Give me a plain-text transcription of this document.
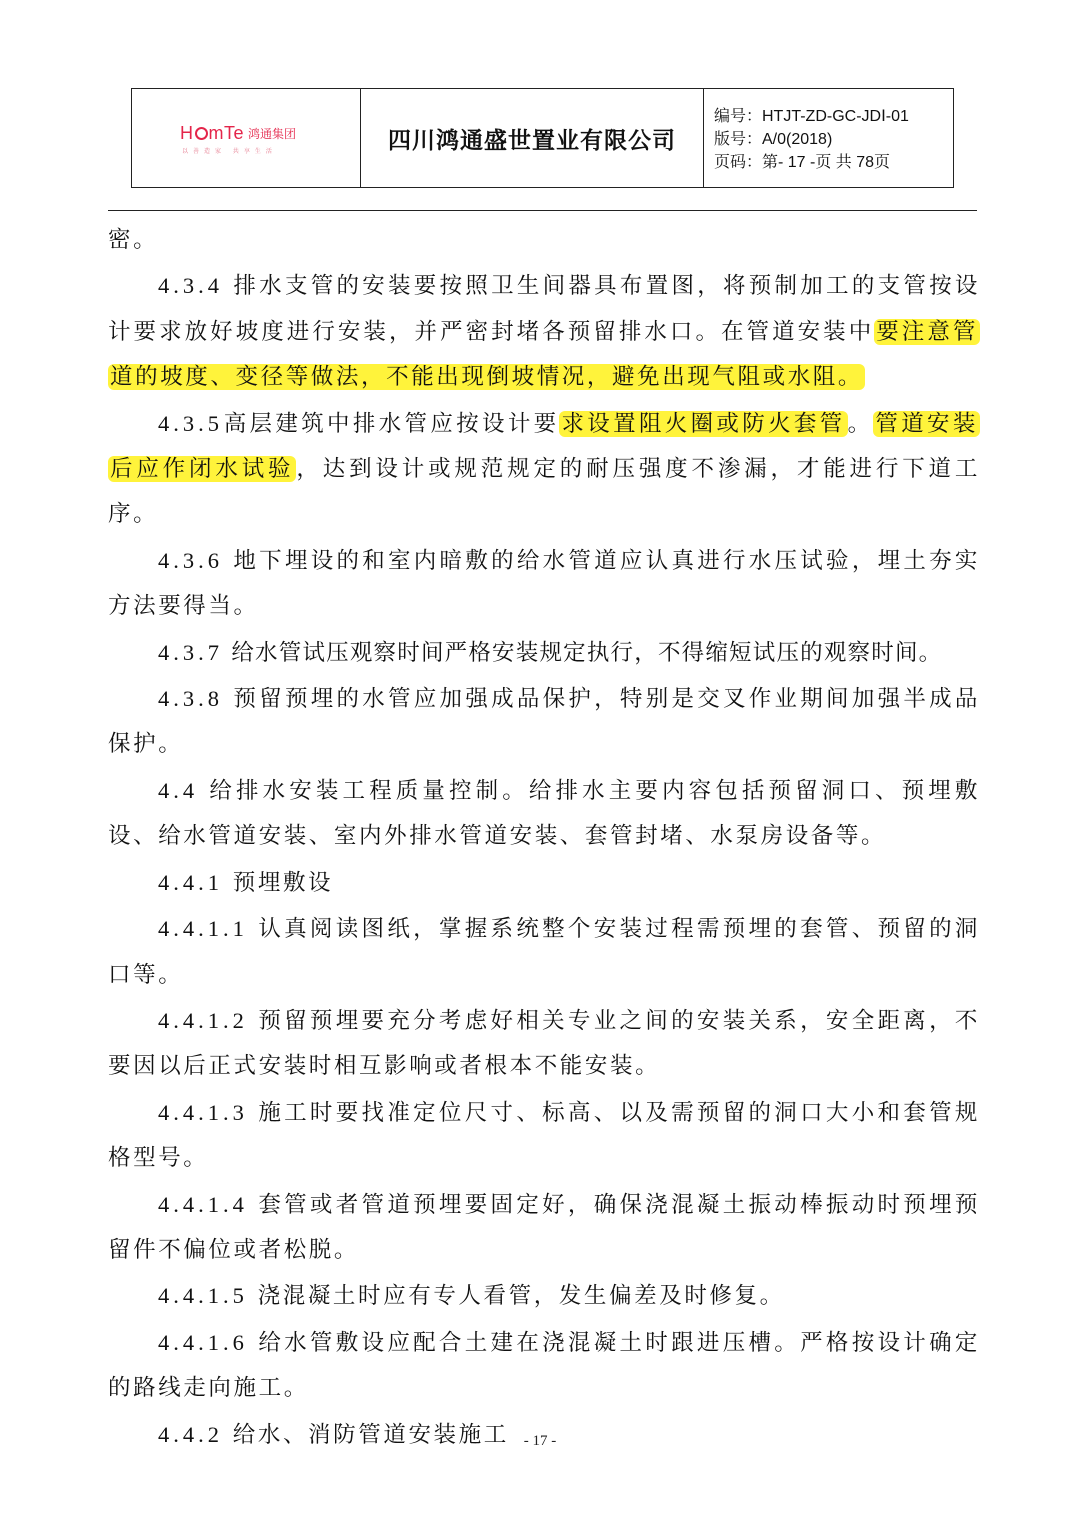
H mTe 鸿通集团
以善造家 共享生活	四川鸿通盛世置业有限公司
编号：HTJT-ZD-GC-JDⅠ-01
版号：A/0(2018)
页码：第- 17 -页 共 78页

密。

4.3.4 排水支管的安装要按照卫生间器具布置图，将预制加工的支管按设计要求放好坡度进行安装，并严密封堵各预留排水口。在管道安装中要注意管道的坡度、变径等做法，不能出现倒坡情况，避免出现气阻或水阻。

4.3.5高层建筑中排水管应按设计要求设置阻火圈或防火套管。管道安装后应作闭水试验，达到设计或规范规定的耐压强度不渗漏，才能进行下道工序。

4.3.6 地下埋设的和室内暗敷的给水管道应认真进行水压试验，埋土夯实方法要得当。

4.3.7 给水管试压观察时间严格安装规定执行，不得缩短试压的观察时间。

4.3.8 预留预埋的水管应加强成品保护，特别是交叉作业期间加强半成品保护。

4.4 给排水安装工程质量控制。给排水主要内容包括预留洞口、预埋敷设、给水管道安装、室内外排水管道安装、套管封堵、水泵房设备等。

4.4.1 预埋敷设

4.4.1.1 认真阅读图纸，掌握系统整个安装过程需预埋的套管、预留的洞口等。

4.4.1.2 预留预埋要充分考虑好相关专业之间的安装关系，安全距离，不要因以后正式安装时相互影响或者根本不能安装。

4.4.1.3 施工时要找准定位尺寸、标高、以及需预留的洞口大小和套管规格型号。

4.4.1.4 套管或者管道预埋要固定好，确保浇混凝土振动棒振动时预埋预留件不偏位或者松脱。

4.4.1.5 浇混凝土时应有专人看管，发生偏差及时修复。

4.4.1.6 给水管敷设应配合土建在浇混凝土时跟进压槽。严格按设计确定的路线走向施工。

4.4.2 给水、消防管道安装施工 - 17 -
